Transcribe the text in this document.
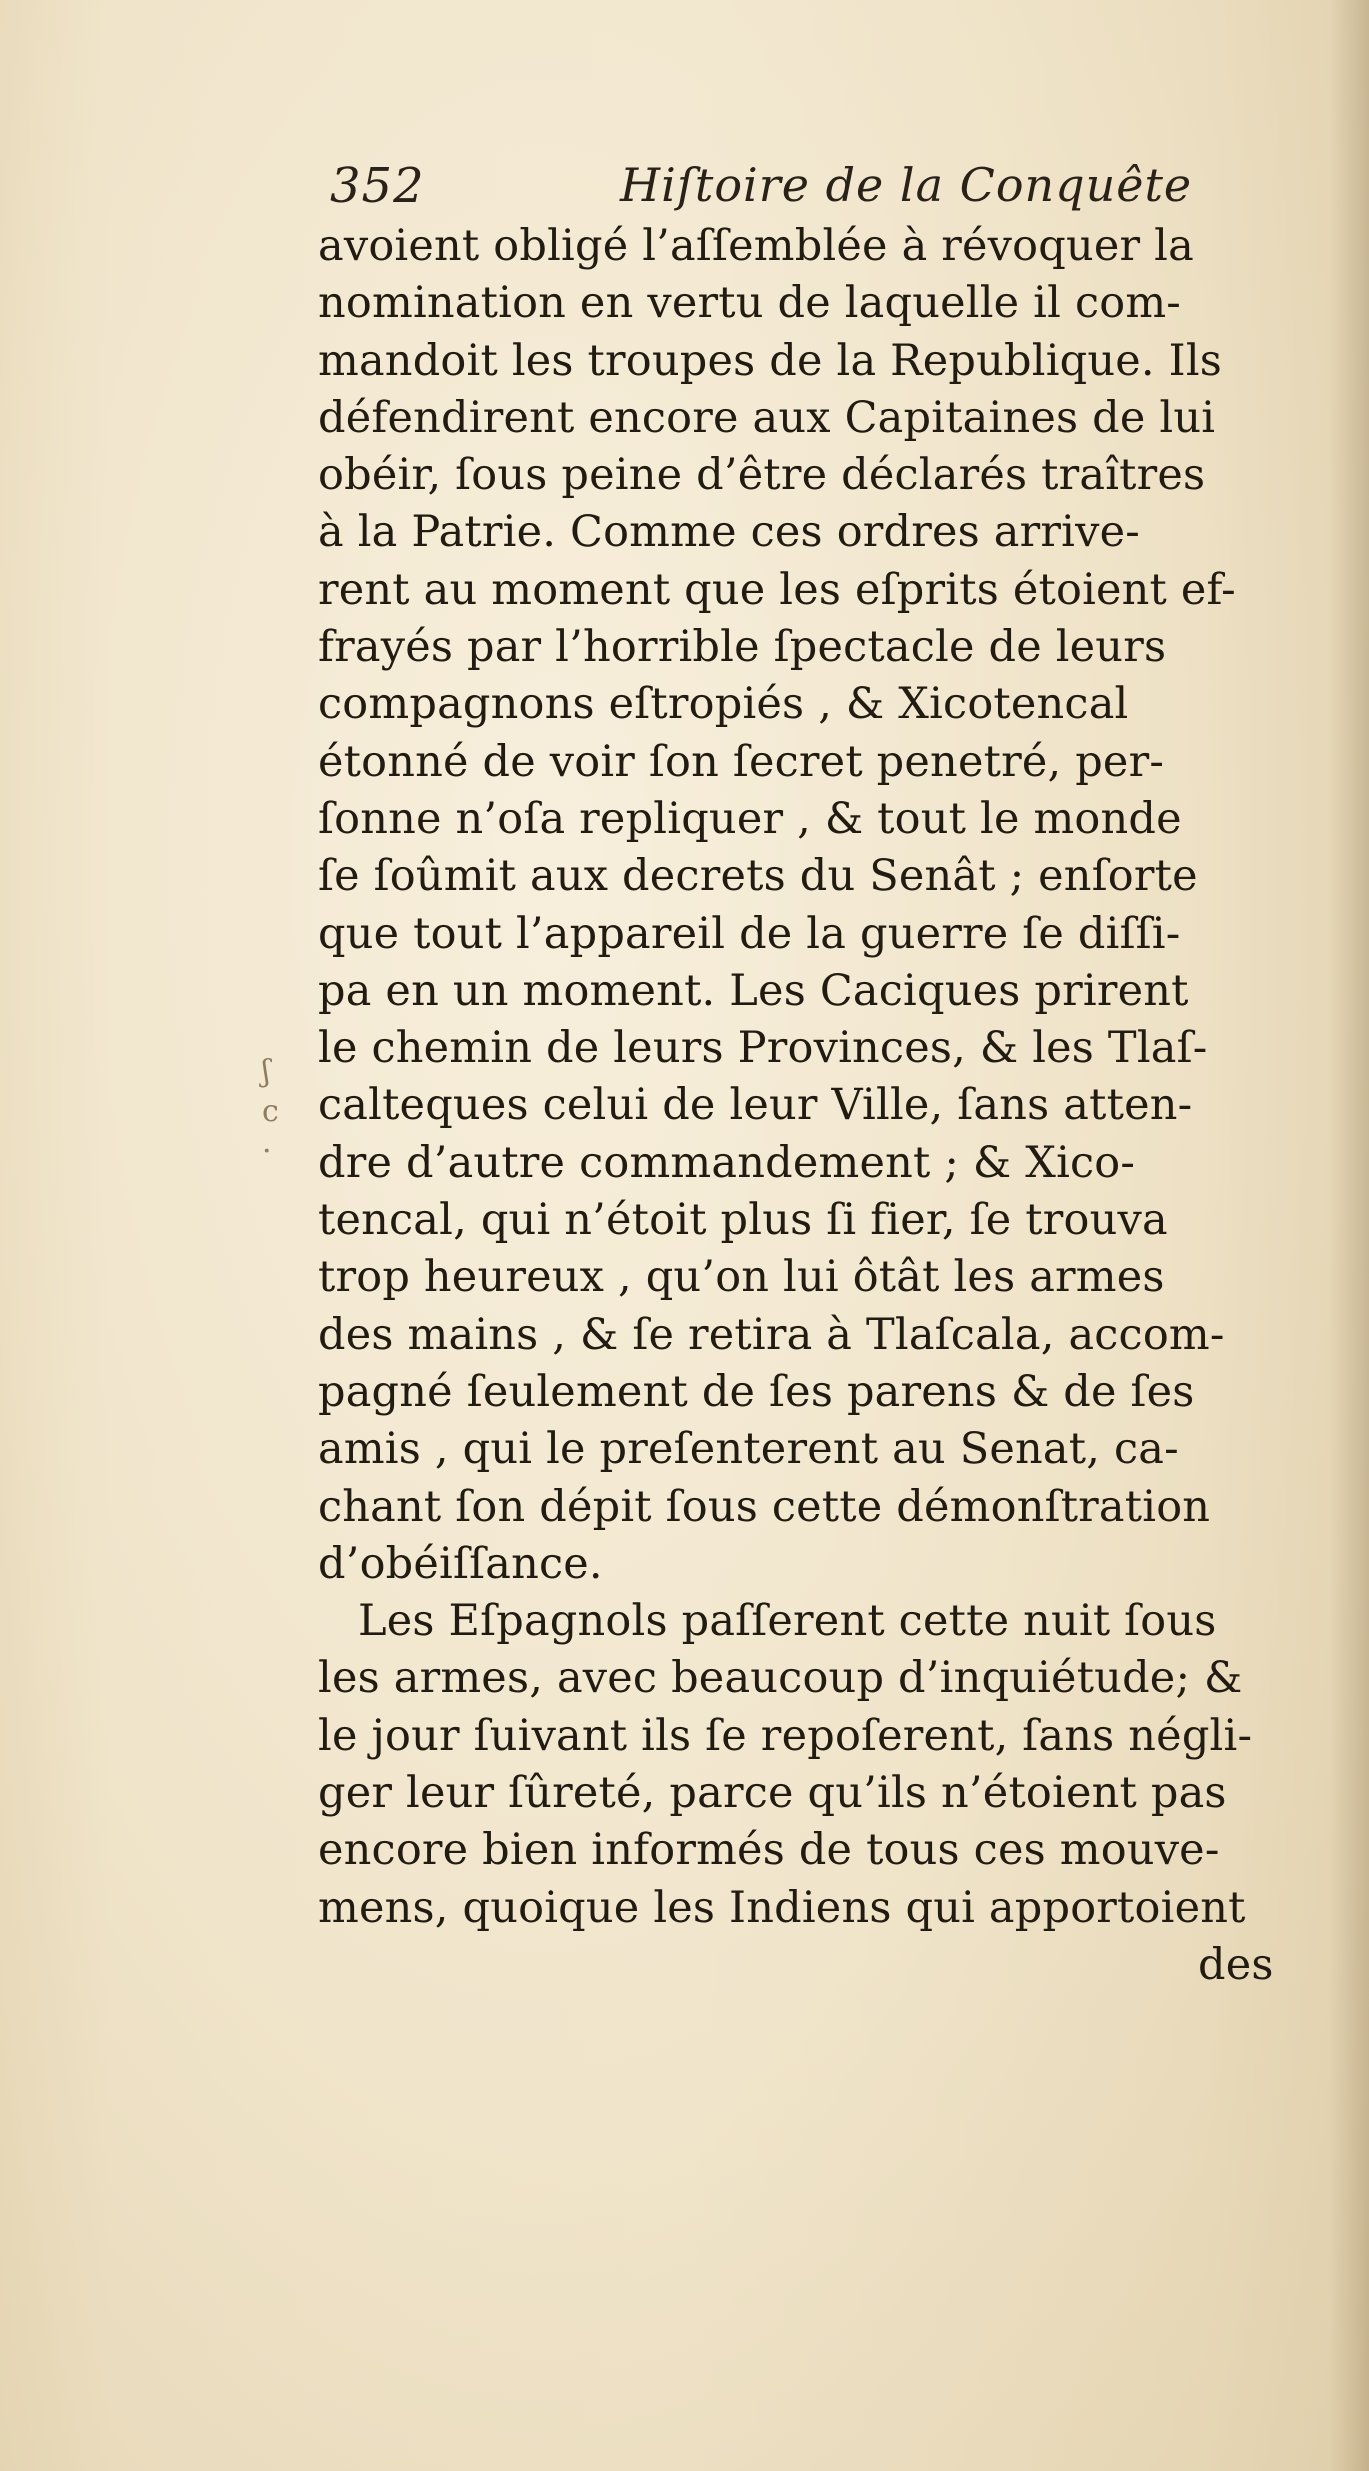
352	Hiſtoire de la Conquête
avoient obligé l’aſſemblée à révoquer la
nomination en vertu de laquelle il com-
mandoit les troupes de la Republique. Ils
défendirent encore aux Capitaines de lui
obéir, ſous peine d’être déclarés traîtres
à la Patrie. Comme ces ordres arrive-
rent au moment que les eſprits étoient ef-
frayés par l’horrible ſpectacle de leurs
compagnons eſtropiés , & Xicotencal
étonné de voir ſon ſecret penetré, per-
ſonne n’oſa repliquer , & tout le monde
ſe ſoûmit aux decrets du Senât ; enſorte
que tout l’appareil de la guerre ſe diſſi-
pa en un moment. Les Caciques prirent
le chemin de leurs Provinces, & les Tlaſ-
calteques celui de leur Ville, ſans atten-
dre d’autre commandement ; & Xico-
tencal, qui n’étoit plus ſi fier, ſe trouva
trop heureux , qu’on lui ôtât les armes
des mains , & ſe retira à Tlaſcala, accom-
pagné ſeulement de ſes parens & de ſes
amis , qui le preſenterent au Senat, ca-
chant ſon dépit ſous cette démonſtration
d’obéiſſance.
Les Eſpagnols paſſerent cette nuit ſous
les armes, avec beaucoup d’inquiétude; &
le jour ſuivant ils ſe repoſerent, ſans négli-
ger leur ſûreté, parce qu’ils n’étoient pas
encore bien informés de tous ces mouve-
mens, quoique les Indiens qui apportoient
des
ʃ
c
·
